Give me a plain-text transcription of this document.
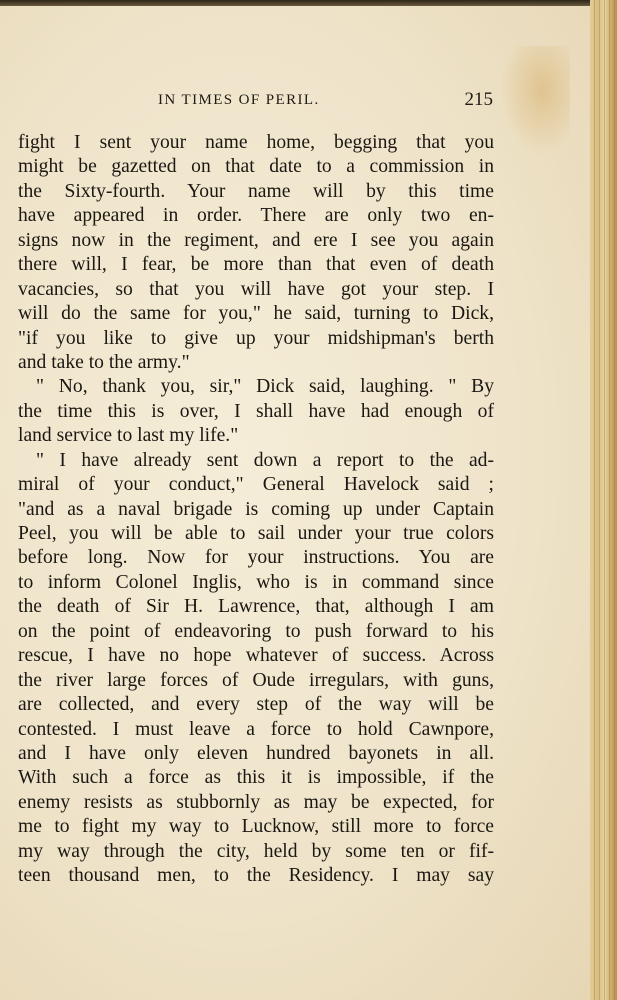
IN TIMES OF PERIL.	215
fight I sent your name home, begging that you
might be gazetted on that date to a commission in
the Sixty-fourth. Your name will by this time
have appeared in order. There are only two en-
signs now in the regiment, and ere I see you again
there will, I fear, be more than that even of death
vacancies, so that you will have got your step. I
will do the same for you," he said, turning to Dick,
"if you like to give up your midshipman's berth
and take to the army."
" No, thank you, sir," Dick said, laughing. " By
the time this is over, I shall have had enough of
land service to last my life."
" I have already sent down a report to the ad-
miral of your conduct," General Havelock said ;
"and as a naval brigade is coming up under Captain
Peel, you will be able to sail under your true colors
before long. Now for your instructions. You are
to inform Colonel Inglis, who is in command since
the death of Sir H. Lawrence, that, although I am
on the point of endeavoring to push forward to his
rescue, I have no hope whatever of success. Across
the river large forces of Oude irregulars, with guns,
are collected, and every step of the way will be
contested. I must leave a force to hold Cawnpore,
and I have only eleven hundred bayonets in all.
With such a force as this it is impossible, if the
enemy resists as stubbornly as may be expected, for
me to fight my way to Lucknow, still more to force
my way through the city, held by some ten or fif-
teen thousand men, to the Residency. I may say
